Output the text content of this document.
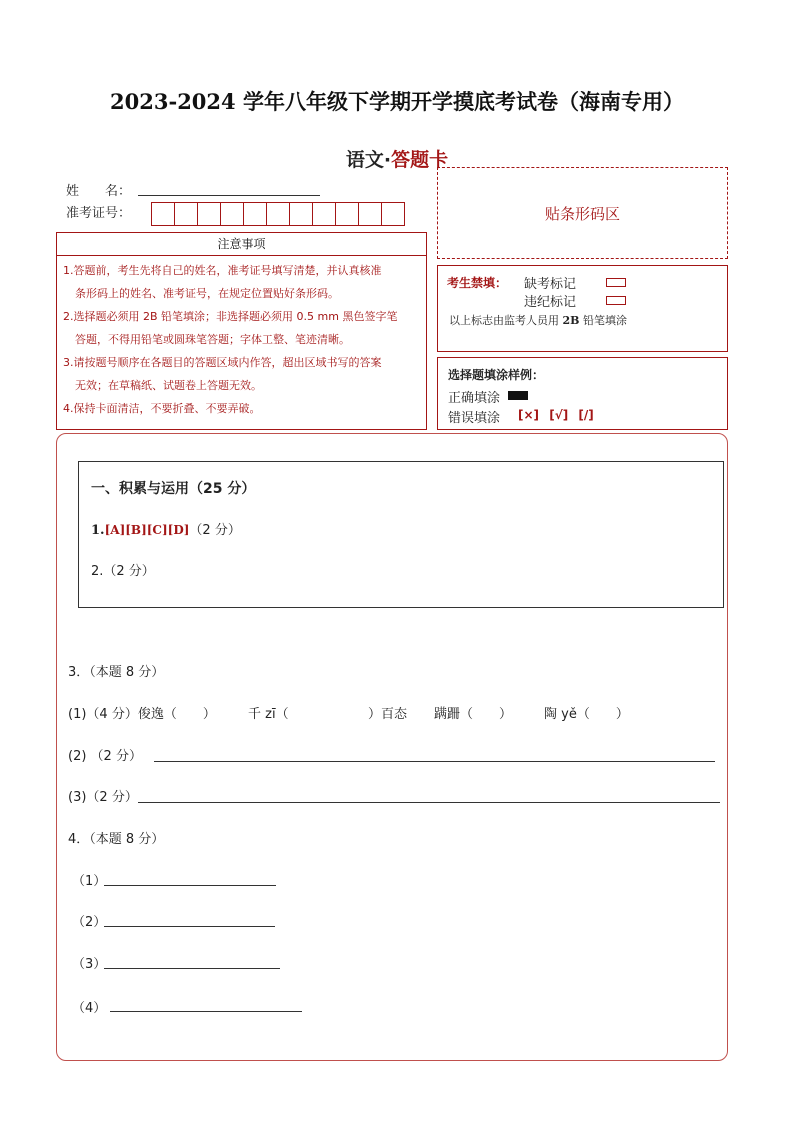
2023-2024 学年八年级下学期开学摸底考试卷（海南专用）
语文·答题卡
姓　　名：
准考证号：	贴条形码区
注意事项
1.答题前，考生先将自己的姓名，准考证号填写清楚，并认真核准
条形码上的姓名、准考证号，在规定位置贴好条形码。
2.选择题必须用 2B 铅笔填涂；非选择题必须用 0.5 mm 黑色签字笔
答题，不得用铅笔或圆珠笔答题；字体工整、笔迹清晰。
3.请按题号顺序在各题目的答题区域内作答，超出区域书写的答案
无效；在草稿纸、试题卷上答题无效。
4.保持卡面清洁，不要折叠、不要弄破。
考生禁填： 缺考标记
违纪标记
以上标志由监考人员用 2B 铅笔填涂
选择题填涂样例：
正确填涂
错误填涂 [×] [√] [/]
一、积累与运用（25 分）
1.[A][B][C][D]（2 分）
2.（2 分）
3．（本题 8 分）
(1)（4 分）俊逸（　　） 千 zī（	）百态 蹒跚（　　） 陶 yě（　　）
(2) （2 分）
(3)（2 分）
4．（本题 8 分）
（1）
（2）
（3）
（4）
